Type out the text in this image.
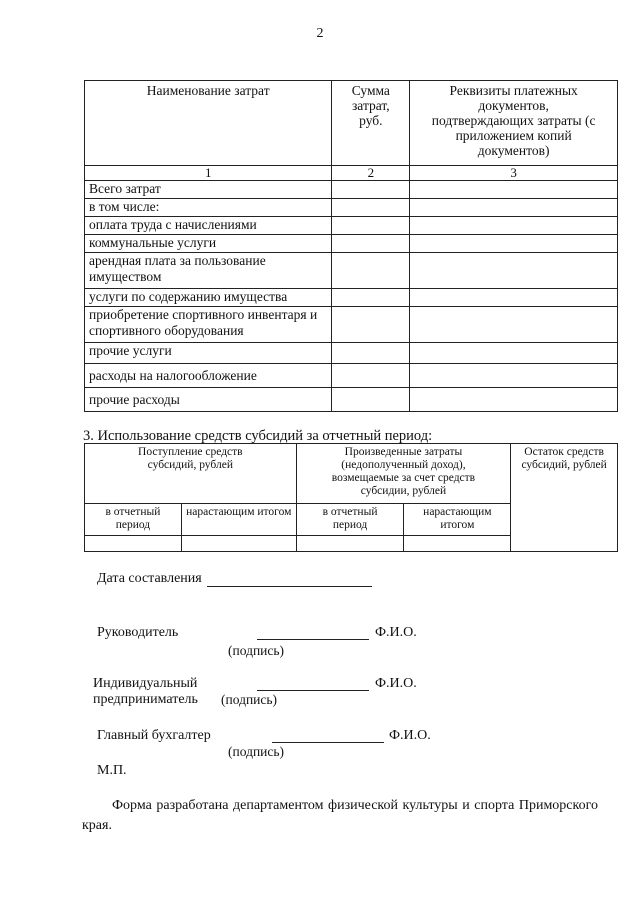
2
Наименование затрат	Сумма затрат, руб.	Реквизиты платежных документов, подтверждающих затраты (с приложением копий документов)
1	2	3
Всего затрат		
в том числе:		
оплата труда с начислениями		
коммунальные услуги		
арендная плата за пользование имуществом		
услуги по содержанию имущества		
приобретение спортивного инвентаря и спортивного оборудования		
прочие услуги		
расходы на налогообложение		
прочие расходы		
3. Использование средств субсидий за отчетный период:
Поступление средств субсидий, рублей		Произведенные затраты (недополученный доход), возмещаемые за счет средств субсидии, рублей		Остаток средств субсидий, рублей
в отчетный период	нарастающим итогом	в отчетный период	нарастающим итогом	

Дата составления
Руководитель	Ф.И.О.
(подпись)
Индивидуальный	Ф.И.О.
предприниматель (подпись)
Главный бухгалтер	Ф.И.О.
(подпись)
М.П.
Форма разработана департаментом физической культуры и спорта Приморского края.
